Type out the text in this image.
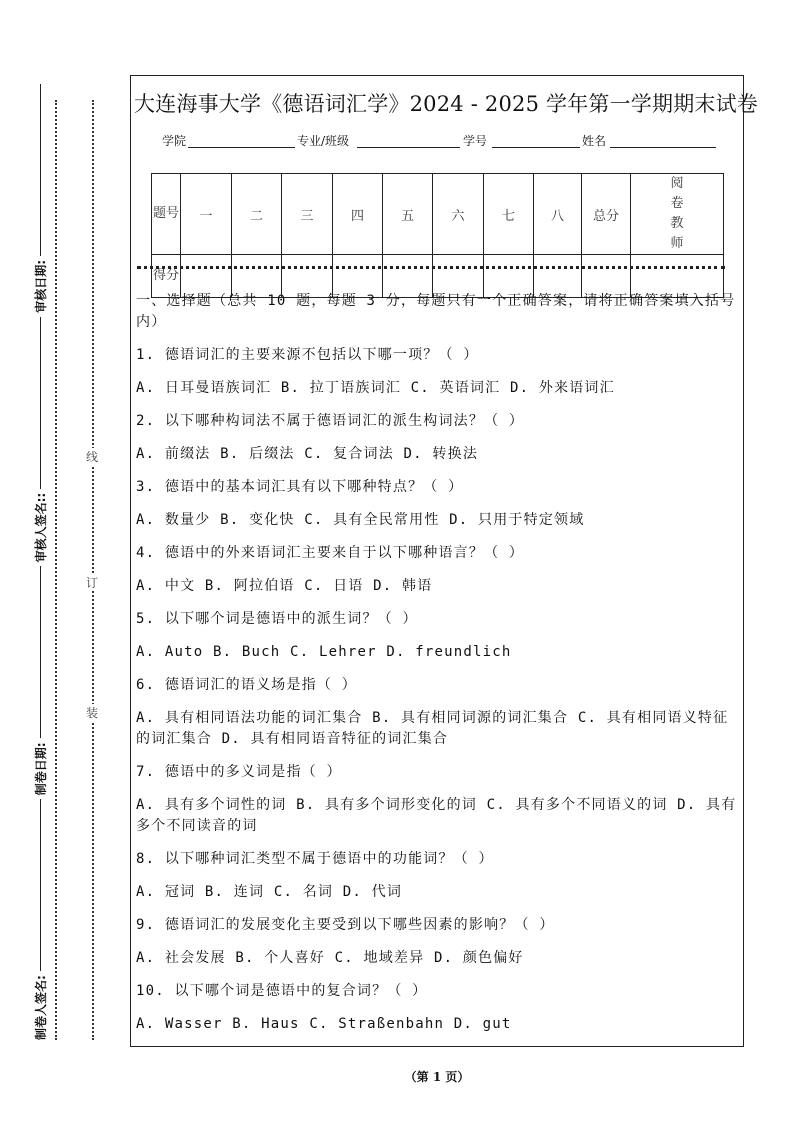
装
订
线
制卷人签名:
制卷日期:
审核人签名::
审核日期:
大连海事大学《德语词汇学》2024 - 2025 学年第一学期期末试卷
学院	专业/班级	学号	姓名
题号	一	二	三	四	五	六	七	八	总分	阅卷教师
得分										

一、选择题（总共 10 题，每题 3 分，每题只有一个正确答案，请将正确答案填入括号内）

1. 德语词汇的主要来源不包括以下哪一项？（ ）

A. 日耳曼语族词汇 B. 拉丁语族词汇 C. 英语词汇 D. 外来语词汇

2. 以下哪种构词法不属于德语词汇的派生构词法？（ ）

A. 前缀法 B. 后缀法 C. 复合词法 D. 转换法

3. 德语中的基本词汇具有以下哪种特点？（ ）

A. 数量少 B. 变化快 C. 具有全民常用性 D. 只用于特定领域

4. 德语中的外来语词汇主要来自于以下哪种语言？（ ）

A. 中文 B. 阿拉伯语 C. 日语 D. 韩语

5. 以下哪个词是德语中的派生词？（ ）

A. Auto B. Buch C. Lehrer D. freundlich

6. 德语词汇的语义场是指（ ）

A. 具有相同语法功能的词汇集合 B. 具有相同词源的词汇集合 C. 具有相同语义特征的词汇集合 D. 具有相同语音特征的词汇集合

7. 德语中的多义词是指（ ）

A. 具有多个词性的词 B. 具有多个词形变化的词 C. 具有多个不同语义的词 D. 具有多个不同读音的词

8. 以下哪种词汇类型不属于德语中的功能词？（ ）

A. 冠词 B. 连词 C. 名词 D. 代词

9. 德语词汇的发展变化主要受到以下哪些因素的影响？（ ）

A. 社会发展 B. 个人喜好 C. 地域差异 D. 颜色偏好

10. 以下哪个词是德语中的复合词？（ ）

A. Wasser B. Haus C. Straßenbahn D. gut

（第 1 页）
